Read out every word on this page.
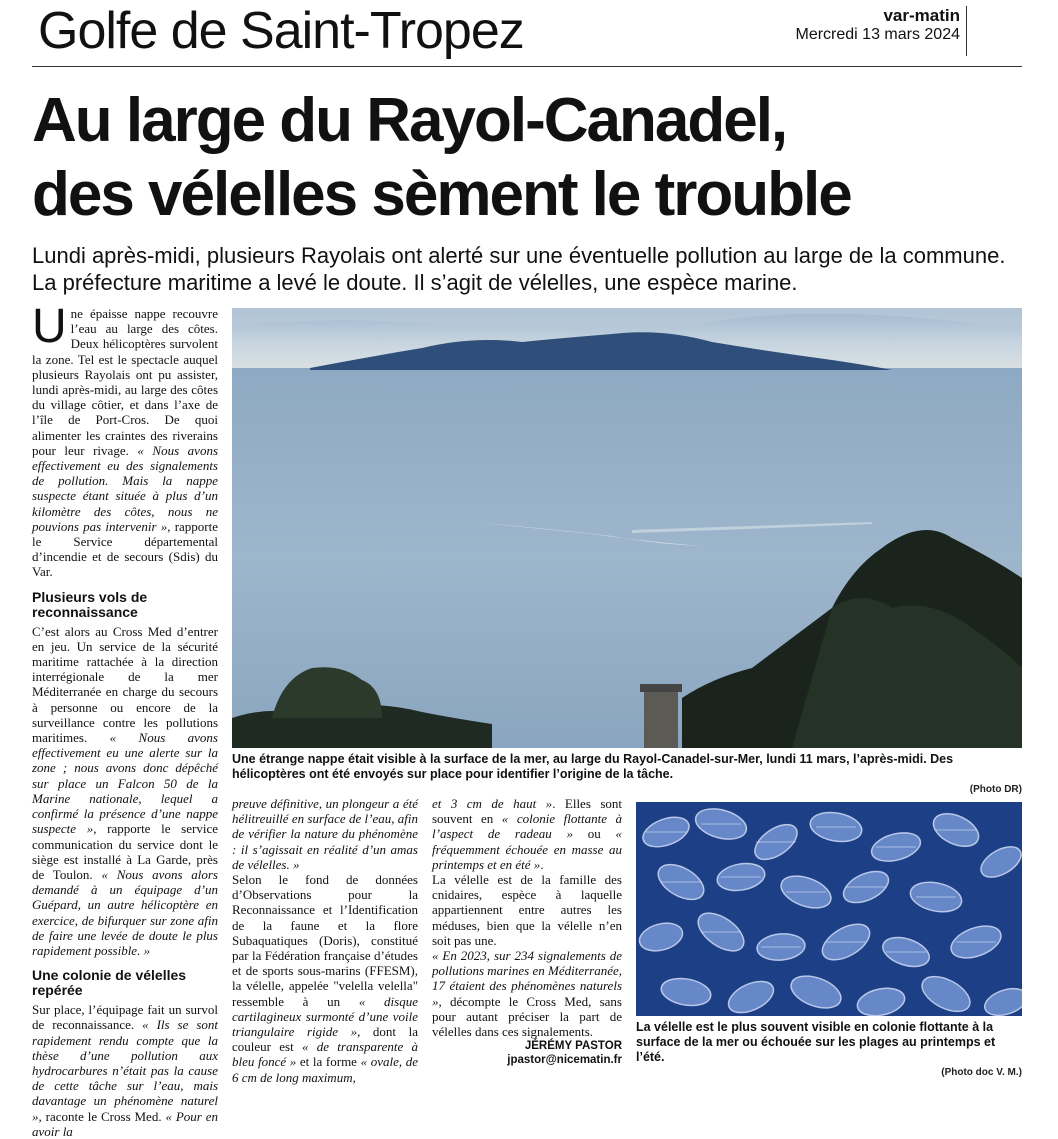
Golfe de Saint-Tropez	var-matin
Mercredi 13 mars 2024
Au large du Rayol-Canadel,
des vélelles sèment le trouble
Lundi après-midi, plusieurs Rayolais ont alerté sur une éventuelle pollution au large de la commune. La préfecture maritime a levé le doute. Il s’agit de vélelles, une espèce marine.

Une épaisse nappe recouvre l’eau au large des côtes. Deux hélicoptères survolent la zone. Tel est le spectacle auquel plusieurs Rayolais ont pu assister, lundi après-midi, au large des côtes du village côtier, et dans l’axe de l’île de Port-Cros. De quoi alimenter les craintes des riverains pour leur rivage. « Nous avons effectivement eu des signalements de pollution. Mais la nappe suspecte étant située à plus d’un kilomètre des côtes, nous ne pouvions pas intervenir », rapporte le Service départemental d’incendie et de secours (Sdis) du Var.

Plusieurs vols de reconnaissance

C’est alors au Cross Med d’entrer en jeu. Un service de la sécurité maritime rattachée à la direction interrégionale de la mer Méditerranée en charge du secours à personne ou encore de la surveillance contre les pollutions maritimes. « Nous avons effectivement eu une alerte sur la zone ; nous avons donc dépêché sur place un Falcon 50 de la Marine nationale, lequel a confirmé la présence d’une nappe suspecte », rapporte le service communication du service dont le siège est installé à La Garde, près de Toulon. « Nous avons alors demandé à un équipage d’un Guépard, un autre hélicoptère en exercice, de bifurquer sur zone afin de faire une levée de doute le plus rapidement possible. »

Une colonie de vélelles repérée

Sur place, l’équipage fait un survol de reconnaissance. « Ils se sont rapidement rendu compte que la thèse d’une pollution aux hydrocarbures n’était pas la cause de cette tâche sur l’eau, mais davantage un phénomène naturel », raconte le Cross Med. « Pour en avoir la

Une étrange nappe était visible à la surface de la mer, au large du Rayol-Canadel-sur-Mer, lundi 11 mars, l’après-midi. Des hélicoptères ont été envoyés sur place pour identifier l’origine de la tâche.
(Photo DR)

preuve définitive, un plongeur a été hélitreuillé en surface de l’eau, afin de vérifier la nature du phénomène : il s’agissait en réalité d’un amas de vélelles. »

Selon le fond de données d’Observations pour la Reconnaissance et l’Identification de la faune et la flore Subaquatiques (Doris), constitué par la Fédération française d’études et de sports sous-marins (FFESM), la vélelle, appelée "velella velella" ressemble à un « disque cartilagineux surmonté d’une voile triangulaire rigide », dont la couleur est « de transparente à bleu foncé » et la forme « ovale, de 6 cm de long maximum,

et 3 cm de haut ». Elles sont souvent en « colonie flottante à l’aspect de radeau » ou « fréquemment échouée en masse au printemps et en été ».

La vélelle est de la famille des cnidaires, espèce à laquelle appartiennent entre autres les méduses, bien que la vélelle n’en soit pas une.

« En 2023, sur 234 signalements de pollutions marines en Méditerranée, 17 étaient des phénomènes naturels », décompte le Cross Med, sans pour autant préciser la part de vélelles dans ces signalements.

JÉRÉMY PASTOR
jpastor@nicematin.fr
La vélelle est le plus souvent visible en colonie flottante à la surface de la mer ou échouée sur les plages au printemps et l’été.
(Photo doc V. M.)
